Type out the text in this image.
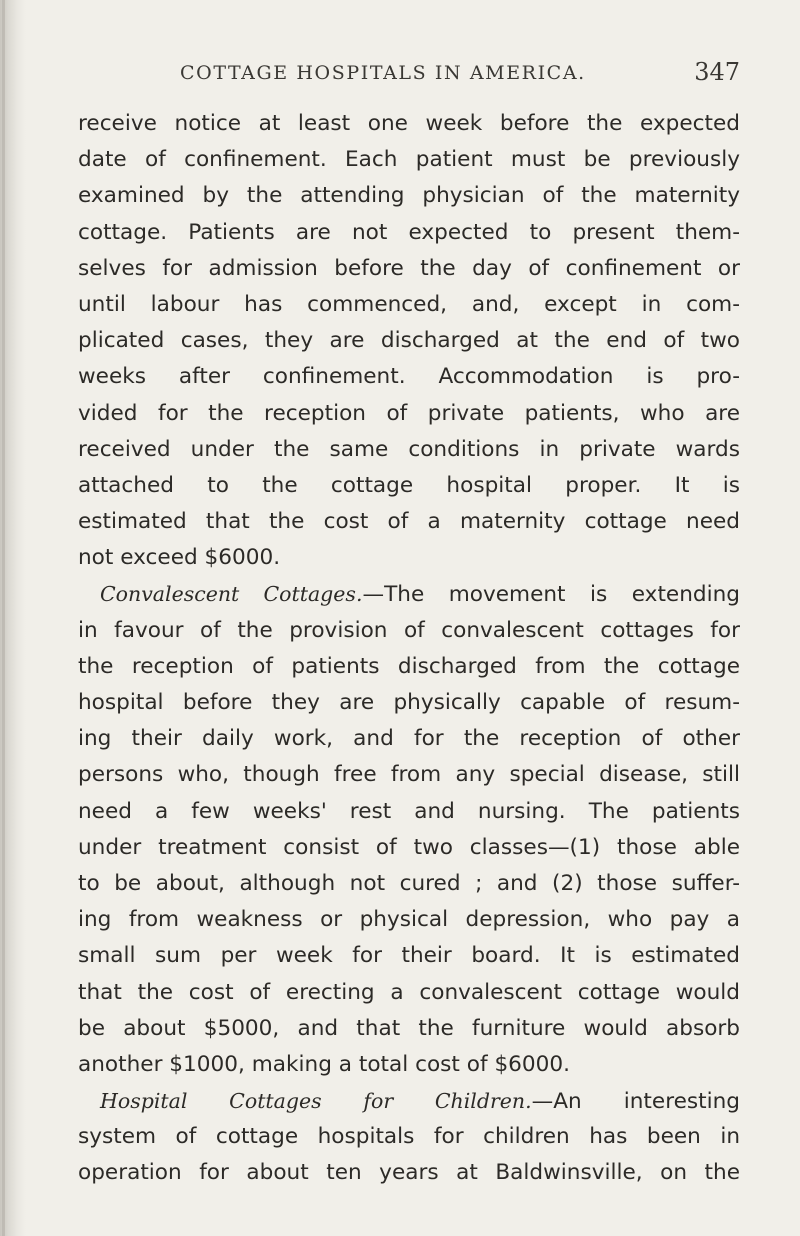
COTTAGE HOSPITALS IN AMERICA.	347
receive notice at least one week before the expected
date of confinement. Each patient must be previously
examined by the attending physician of the maternity
cottage. Patients are not expected to present them-
selves for admission before the day of confinement or
until labour has commenced, and, except in com-
plicated cases, they are discharged at the end of two
weeks after confinement. Accommodation is pro-
vided for the reception of private patients, who are
received under the same conditions in private wards
attached to the cottage hospital proper. It is
estimated that the cost of a maternity cottage need
not exceed $6000.
Convalescent Cottages.—The movement is extending
in favour of the provision of convalescent cottages for
the reception of patients discharged from the cottage
hospital before they are physically capable of resum-
ing their daily work, and for the reception of other
persons who, though free from any special disease, still
need a few weeks' rest and nursing. The patients
under treatment consist of two classes—(1) those able
to be about, although not cured ; and (2) those suffer-
ing from weakness or physical depression, who pay a
small sum per week for their board. It is estimated
that the cost of erecting a convalescent cottage would
be about $5000, and that the furniture would absorb
another $1000, making a total cost of $6000.
Hospital Cottages for Children.—An interesting
system of cottage hospitals for children has been in
operation for about ten years at Baldwinsville, on the
